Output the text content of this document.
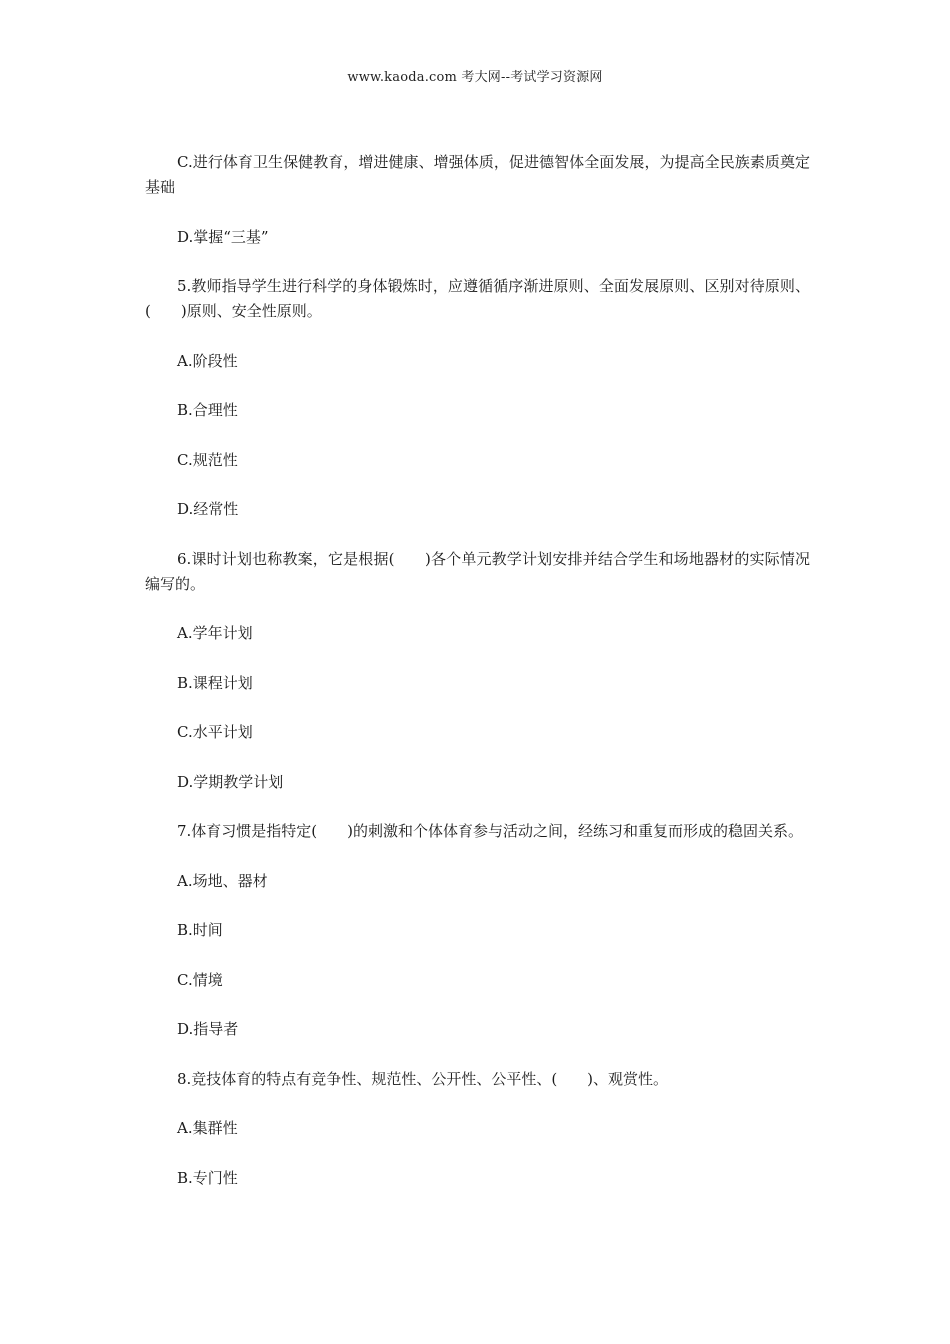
www.kaoda.com 考大网--考试学习资源网

C.进行体育卫生保健教育，增进健康、增强体质，促进德智体全面发展，为提高全民族素质奠定基础

D.掌握“三基”

5.教师指导学生进行科学的身体锻炼时，应遵循循序渐进原则、全面发展原则、区别对待原则、(　　)原则、安全性原则。

A.阶段性

B.合理性

C.规范性

D.经常性

6.课时计划也称教案，它是根据(　　)各个单元教学计划安排并结合学生和场地器材的实际情况编写的。

A.学年计划

B.课程计划

C.水平计划

D.学期教学计划

7.体育习惯是指特定(　　)的刺激和个体体育参与活动之间，经练习和重复而形成的稳固关系。

A.场地、器材

B.时间

C.情境

D.指导者

8.竞技体育的特点有竞争性、规范性、公开性、公平性、(　　)、观赏性。

A.集群性

B.专门性
